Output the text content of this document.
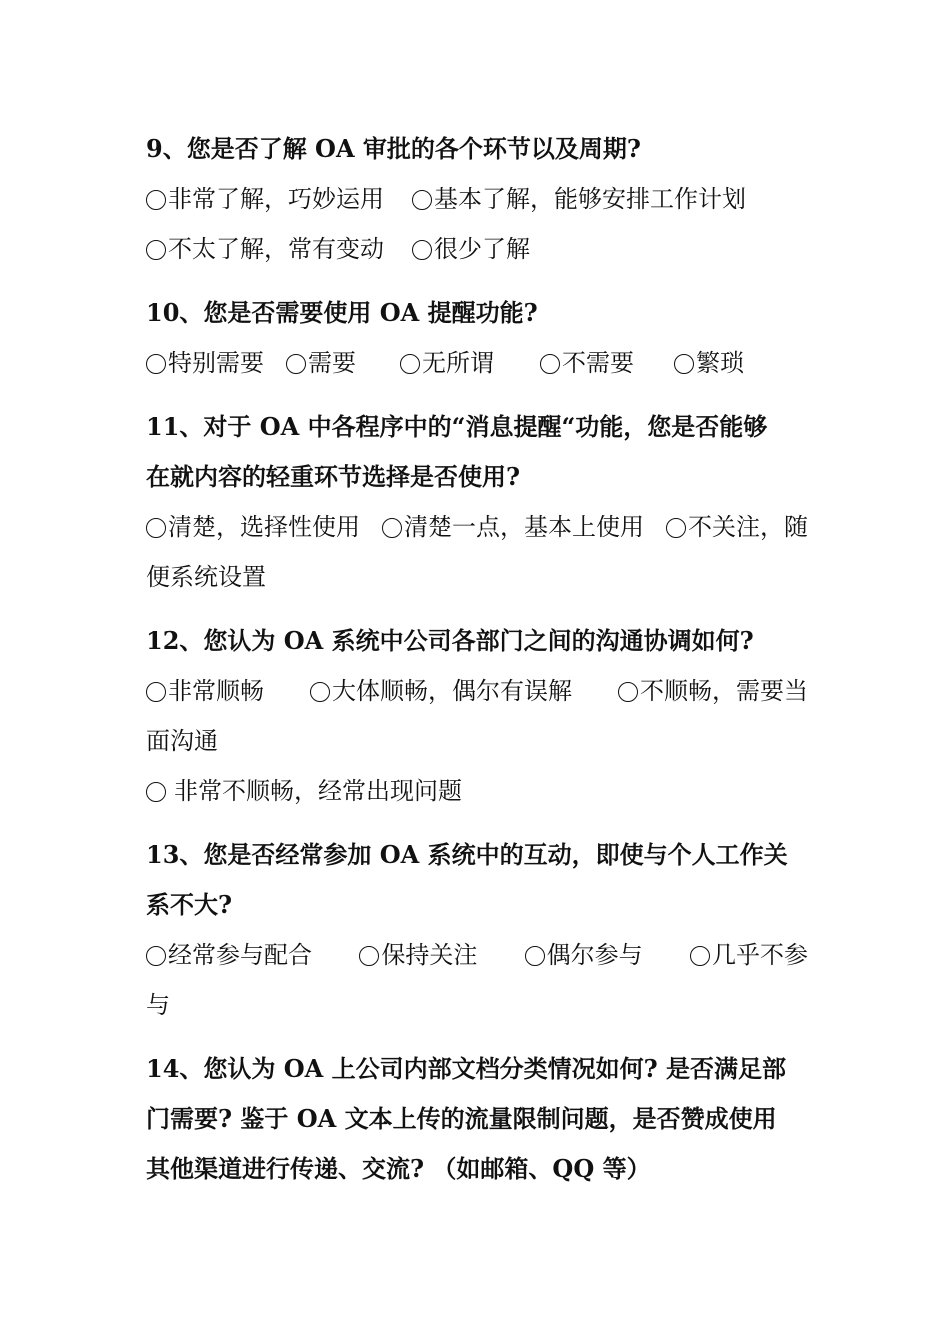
9、您是否了解 OA 审批的各个环节以及周期?
非常了解，巧妙运用 基本了解，能够安排工作计划
不太了解，常有变动 很少了解
10、您是否需要使用 OA 提醒功能?
特别需要 需要	无所谓	不需要	繁琐
11、对于 OA 中各程序中的“消息提醒“功能，您是否能够
在就内容的轻重环节选择是否使用?
清楚，选择性使用 清楚一点，基本上使用 不关注，随
便系统设置
12、您认为 OA 系统中公司各部门之间的沟通协调如何?
非常顺畅	大体顺畅，偶尔有误解	不顺畅，需要当
面沟通
非常不顺畅，经常出现问题
13、您是否经常参加 OA 系统中的互动，即使与个人工作关
系不大?
经常参与配合	保持关注	偶尔参与	几乎不参
与
14、您认为 OA 上公司内部文档分类情况如何? 是否满足部
门需要? 鉴于 OA 文本上传的流量限制问题，是否赞成使用
其他渠道进行传递、交流? （如邮箱、QQ 等）
